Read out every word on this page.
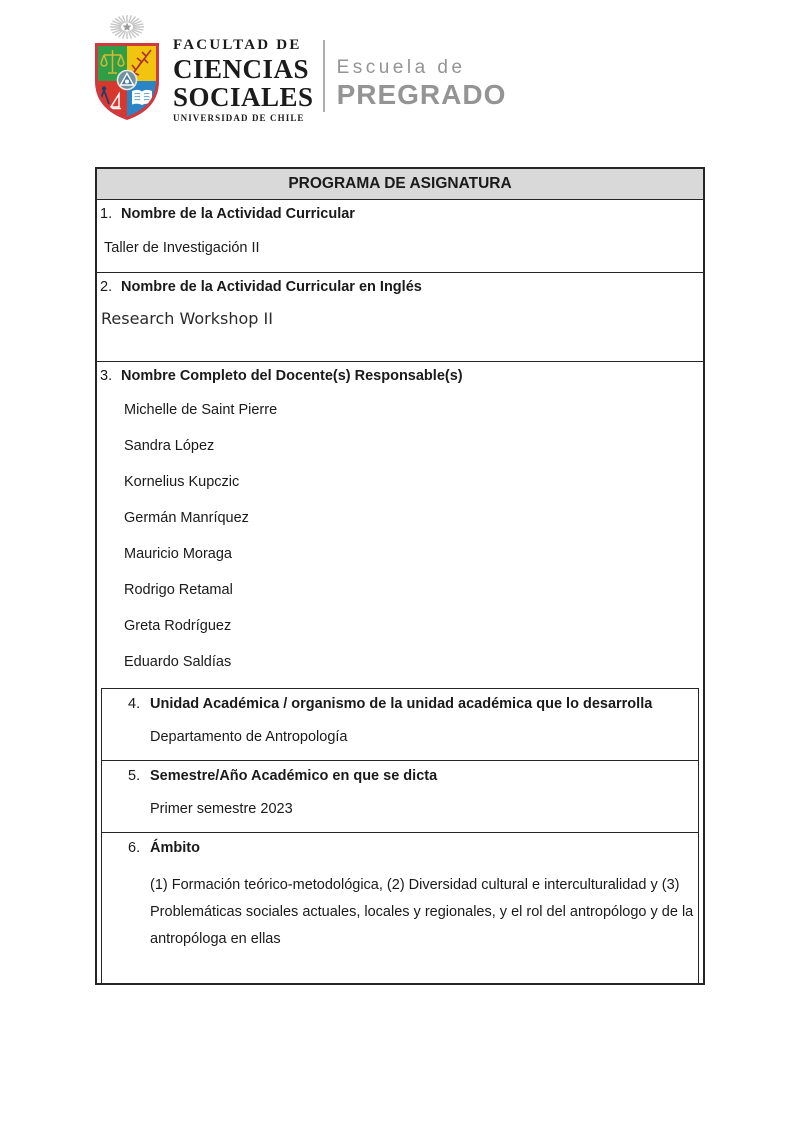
FACULTAD DE
CIENCIAS
SOCIALES
UNIVERSIDAD DE CHILE
Escuela de
PREGRADO
PROGRAMA DE ASIGNATURA
1. Nombre de la Actividad Curricular
Taller de Investigación II
2. Nombre de la Actividad Curricular en Inglés
Research Workshop II
3. Nombre Completo del Docente(s) Responsable(s)
Michelle de Saint Pierre
Sandra López
Kornelius Kupczic
Germán Manríquez
Mauricio Moraga
Rodrigo Retamal
Greta Rodríguez
Eduardo Saldías
4. Unidad Académica / organismo de la unidad académica que lo desarrolla
Departamento de Antropología
5. Semestre/Año Académico en que se dicta
Primer semestre 2023
6. Ámbito
(1) Formación teórico-metodológica, (2) Diversidad cultural e interculturalidad y (3) Problemáticas sociales actuales, locales y regionales, y el rol del antropólogo y de la antropóloga en ellas
